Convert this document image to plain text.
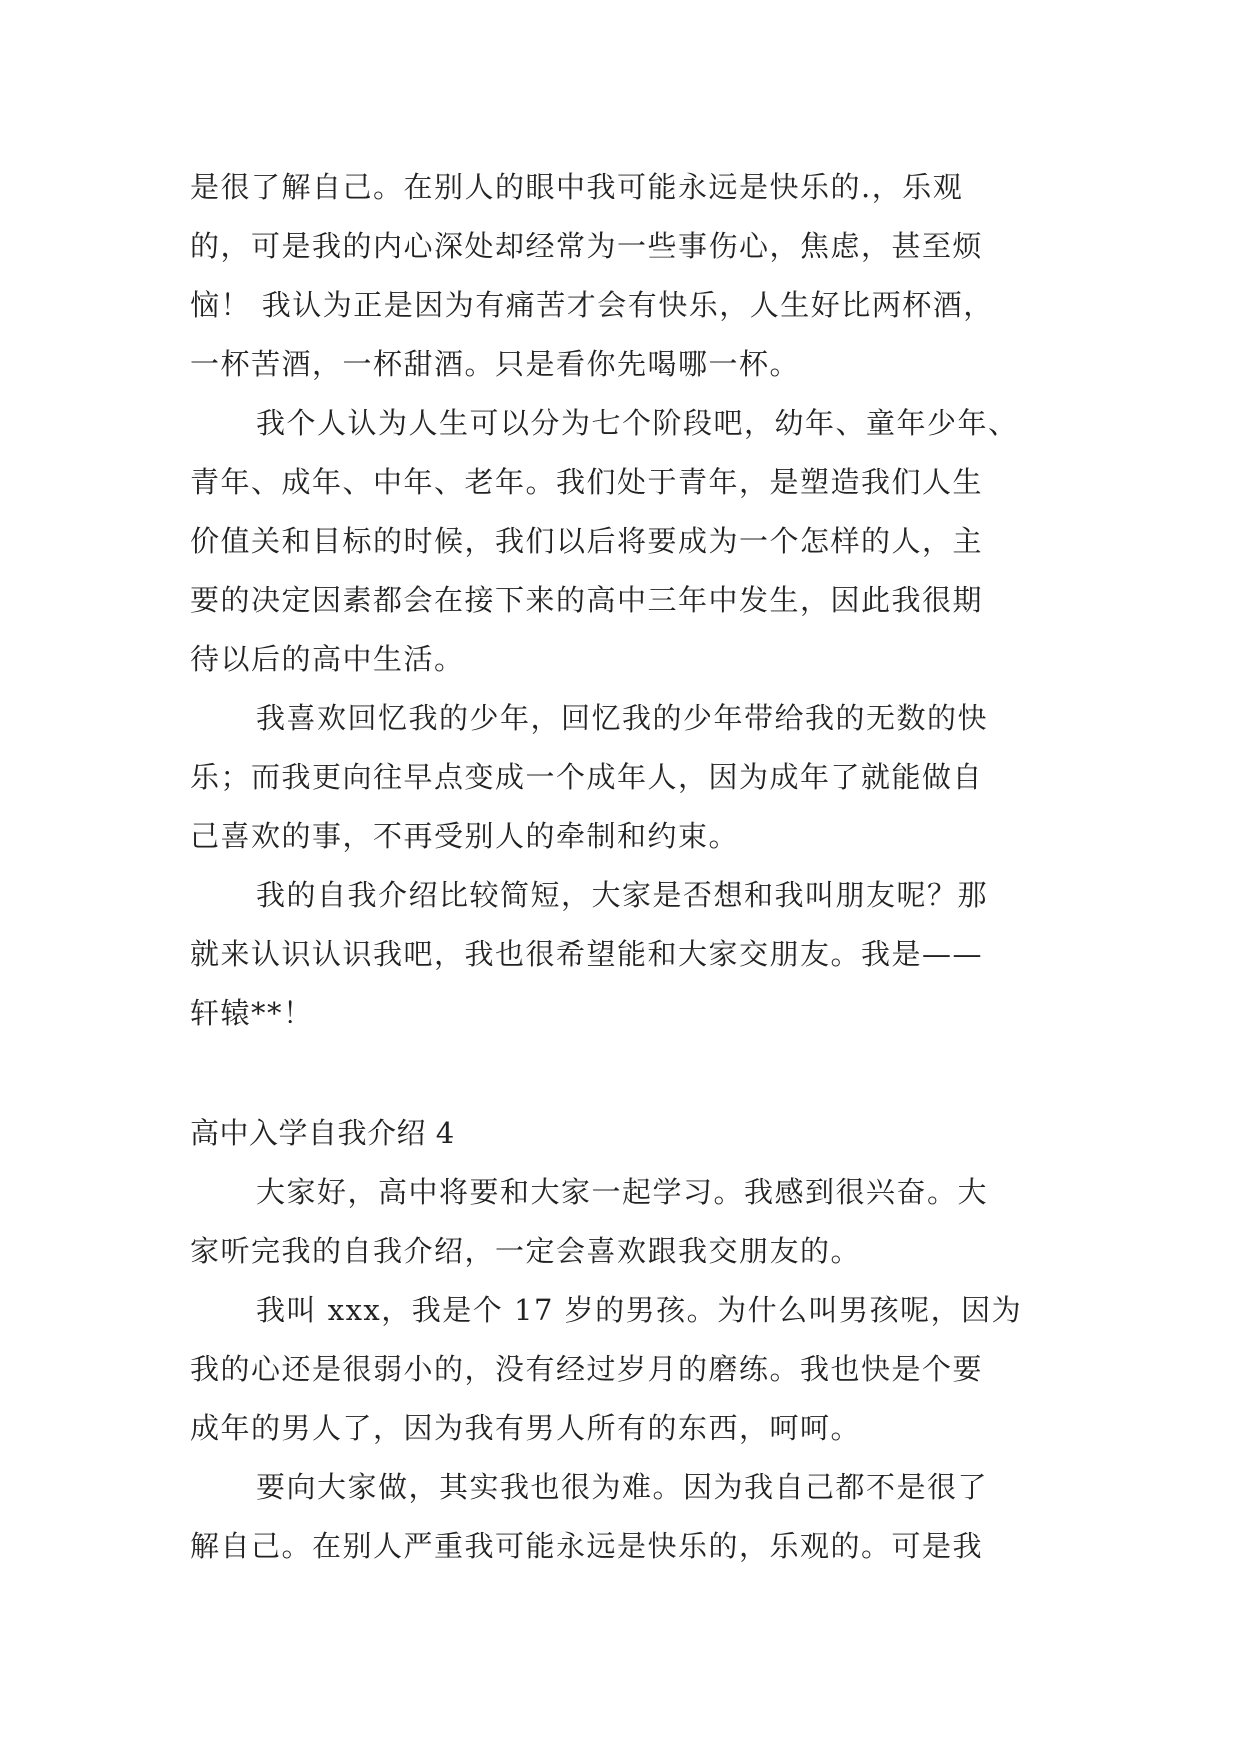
是很了解自己。在别人的眼中我可能永远是快乐的.，乐观
的，可是我的内心深处却经常为一些事伤心，焦虑，甚至烦
恼！ 我认为正是因为有痛苦才会有快乐，人生好比两杯酒，
一杯苦酒，一杯甜酒。只是看你先喝哪一杯。
我个人认为人生可以分为七个阶段吧，幼年、童年少年、
青年、成年、中年、老年。我们处于青年，是塑造我们人生
价值关和目标的时候，我们以后将要成为一个怎样的人，主
要的决定因素都会在接下来的高中三年中发生，因此我很期
待以后的高中生活。
我喜欢回忆我的少年，回忆我的少年带给我的无数的快
乐；而我更向往早点变成一个成年人，因为成年了就能做自
己喜欢的事，不再受别人的牵制和约束。
我的自我介绍比较简短，大家是否想和我叫朋友呢？那
就来认识认识我吧，我也很希望能和大家交朋友。我是——
轩辕**！
高中入学自我介绍 4
大家好，高中将要和大家一起学习。我感到很兴奋。大
家听完我的自我介绍，一定会喜欢跟我交朋友的。
我叫 xxx，我是个 17 岁的男孩。为什么叫男孩呢，因为
我的心还是很弱小的，没有经过岁月的磨练。我也快是个要
成年的男人了，因为我有男人所有的东西，呵呵。
要向大家做，其实我也很为难。因为我自己都不是很了
解自己。在别人严重我可能永远是快乐的，乐观的。可是我
